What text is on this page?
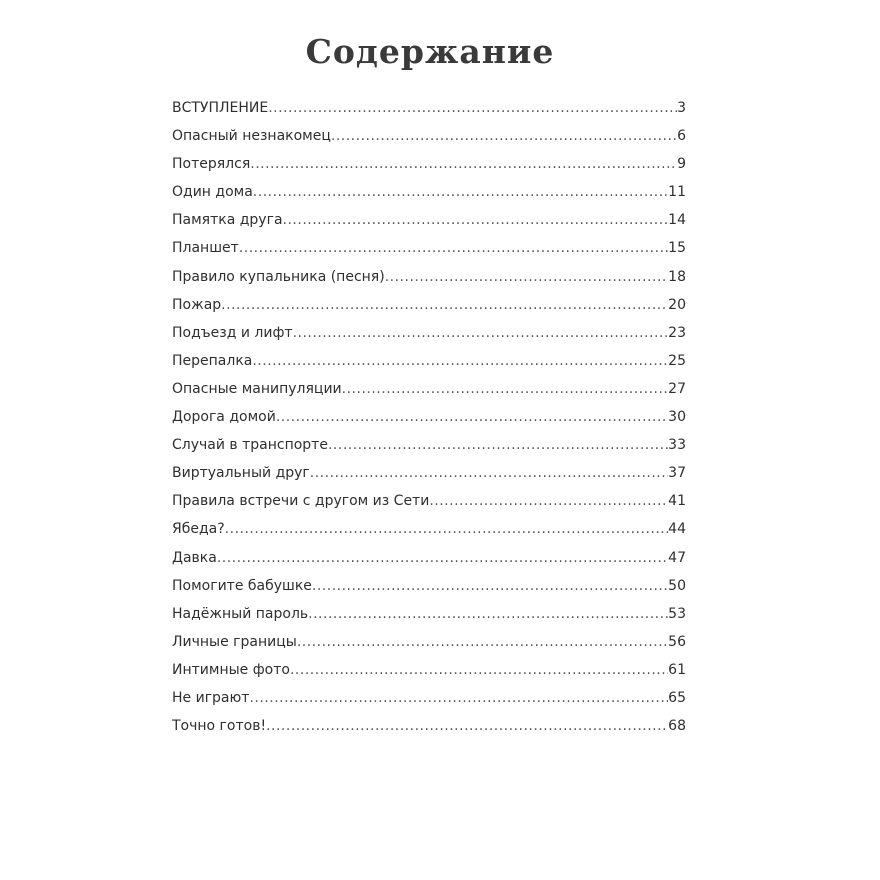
Содержание
ВСТУПЛЕНИЕ .....	3
Опасный незнакомец .....	6
Потерялся .....	9
Один дома .....	11
Памятка друга .....	14
Планшет .....	15
Правило купальника (песня) .....	18
Пожар .....	20
Подъезд и лифт .....	23
Перепалка .....	25
Опасные манипуляции .....	27
Дорога домой .....	30
Случай в транспорте .....	33
Виртуальный друг .....	37
Правила встречи с другом из Сети .....	41
Ябеда? .....	44
Давка .....	47
Помогите бабушке .....	50
Надёжный пароль .....	53
Личные границы .....	56
Интимные фото .....	61
Не играют .....	65
Точно готов! .....	68
